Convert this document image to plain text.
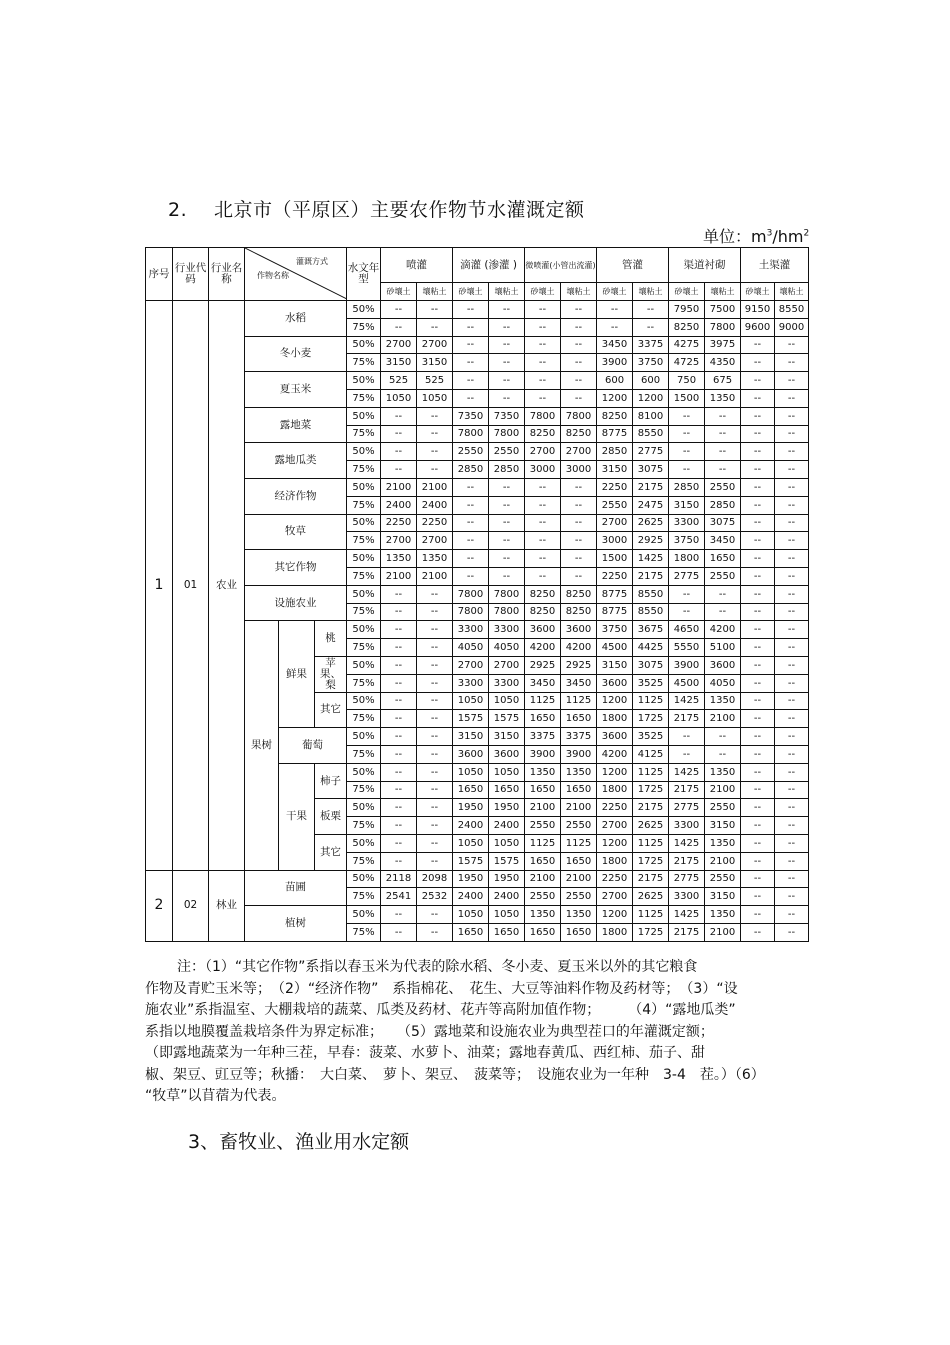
2. 北京市（平原区）主要农作物节水灌溉定额
单位：$m^3/hm^2$
序号	行业代码	行业名称	灌溉方式
作物名称			水文年型	喷灌		滴灌 (渗灌 )		微喷灌(小管出流灌)		管灌		渠道衬砌		土渠灌	
							砂壤土	壤粘土	砂壤土	壤粘土	砂壤土	壤粘土	砂壤土	壤粘土	砂壤土	壤粘土	砂壤土	壤粘土
1	01	农业	水稻			50%	--	--	--	--	--	--	--	--	7950	7500	9150	8550
						75%	--	--	--	--	--	--	--	--	8250	7800	9600	9000
			冬小麦			50%	2700	2700	--	--	--	--	3450	3375	4275	3975	--	--
						75%	3150	3150	--	--	--	--	3900	3750	4725	4350	--	--
			夏玉米			50%	525	525	--	--	--	--	600	600	750	675	--	--
						75%	1050	1050	--	--	--	--	1200	1200	1500	1350	--	--
			露地菜			50%	--	--	7350	7350	7800	7800	8250	8100	--	--	--	--
						75%	--	--	7800	7800	8250	8250	8775	8550	--	--	--	--
			露地瓜类			50%	--	--	2550	2550	2700	2700	2850	2775	--	--	--	--
						75%	--	--	2850	2850	3000	3000	3150	3075	--	--	--	--
			经济作物			50%	2100	2100	--	--	--	--	2250	2175	2850	2550	--	--
						75%	2400	2400	--	--	--	--	2550	2475	3150	2850	--	--
			牧草			50%	2250	2250	--	--	--	--	2700	2625	3300	3075	--	--
						75%	2700	2700	--	--	--	--	3000	2925	3750	3450	--	--
			其它作物			50%	1350	1350	--	--	--	--	1500	1425	1800	1650	--	--
						75%	2100	2100	--	--	--	--	2250	2175	2775	2550	--	--
			设施农业			50%	--	--	7800	7800	8250	8250	8775	8550	--	--	--	--
						75%	--	--	7800	7800	8250	8250	8775	8550	--	--	--	--
			果树	鲜果	桃	50%	--	--	3300	3300	3600	3600	3750	3675	4650	4200	--	--
						75%	--	--	4050	4050	4200	4200	4500	4425	5550	5100	--	--
					苹果、梨	50%	--	--	2700	2700	2925	2925	3150	3075	3900	3600	--	--
						75%	--	--	3300	3300	3450	3450	3600	3525	4500	4050	--	--
					其它	50%	--	--	1050	1050	1125	1125	1200	1125	1425	1350	--	--
						75%	--	--	1575	1575	1650	1650	1800	1725	2175	2100	--	--
				葡萄		50%	--	--	3150	3150	3375	3375	3600	3525	--	--	--	--
						75%	--	--	3600	3600	3900	3900	4200	4125	--	--	--	--
				干果	柿子	50%	--	--	1050	1050	1350	1350	1200	1125	1425	1350	--	--
						75%	--	--	1650	1650	1650	1650	1800	1725	2175	2100	--	--
					板栗	50%	--	--	1950	1950	2100	2100	2250	2175	2775	2550	--	--
						75%	--	--	2400	2400	2550	2550	2700	2625	3300	3150	--	--
					其它	50%	--	--	1050	1050	1125	1125	1200	1125	1425	1350	--	--
						75%	--	--	1575	1575	1650	1650	1800	1725	2175	2100	--	--
2	02	林业	苗圃			50%	2118	2098	1950	1950	2100	2100	2250	2175	2775	2550	--	--
						75%	2541	2532	2400	2400	2550	2550	2700	2625	3300	3150	--	--
			植树			50%	--	--	1050	1050	1350	1350	1200	1125	1425	1350	--	--
						75%	--	--	1650	1650	1650	1650	1800	1725	2175	2100	--	--
注：（1）“其它作物”系指以春玉米为代表的除水稻、冬小麦、夏玉米以外的其它粮食
作物及青贮玉米等；　（2）“经济作物”　系指棉花、　花生、大豆等油料作物及药材等；　（3）“设
施农业”系指温室、大棚栽培的蔬菜、瓜类及药材、花卉等高附加值作物；　　　（4）“露地瓜类”
系指以地膜覆盖栽培条件为界定标准；　　（5）露地菜和设施农业为典型茬口的年灌溉定额；
（即露地蔬菜为一年种三茬，早春：菠菜、水萝卜、油菜；露地春黄瓜、西红柿、茄子、甜
椒、架豆、豇豆等；秋播：　大白菜、　萝卜、架豆、　菠菜等；　设施农业为一年种　3-4　茬。）（6）
“牧草”以苜蓿为代表。
3、畜牧业、渔业用水定额
